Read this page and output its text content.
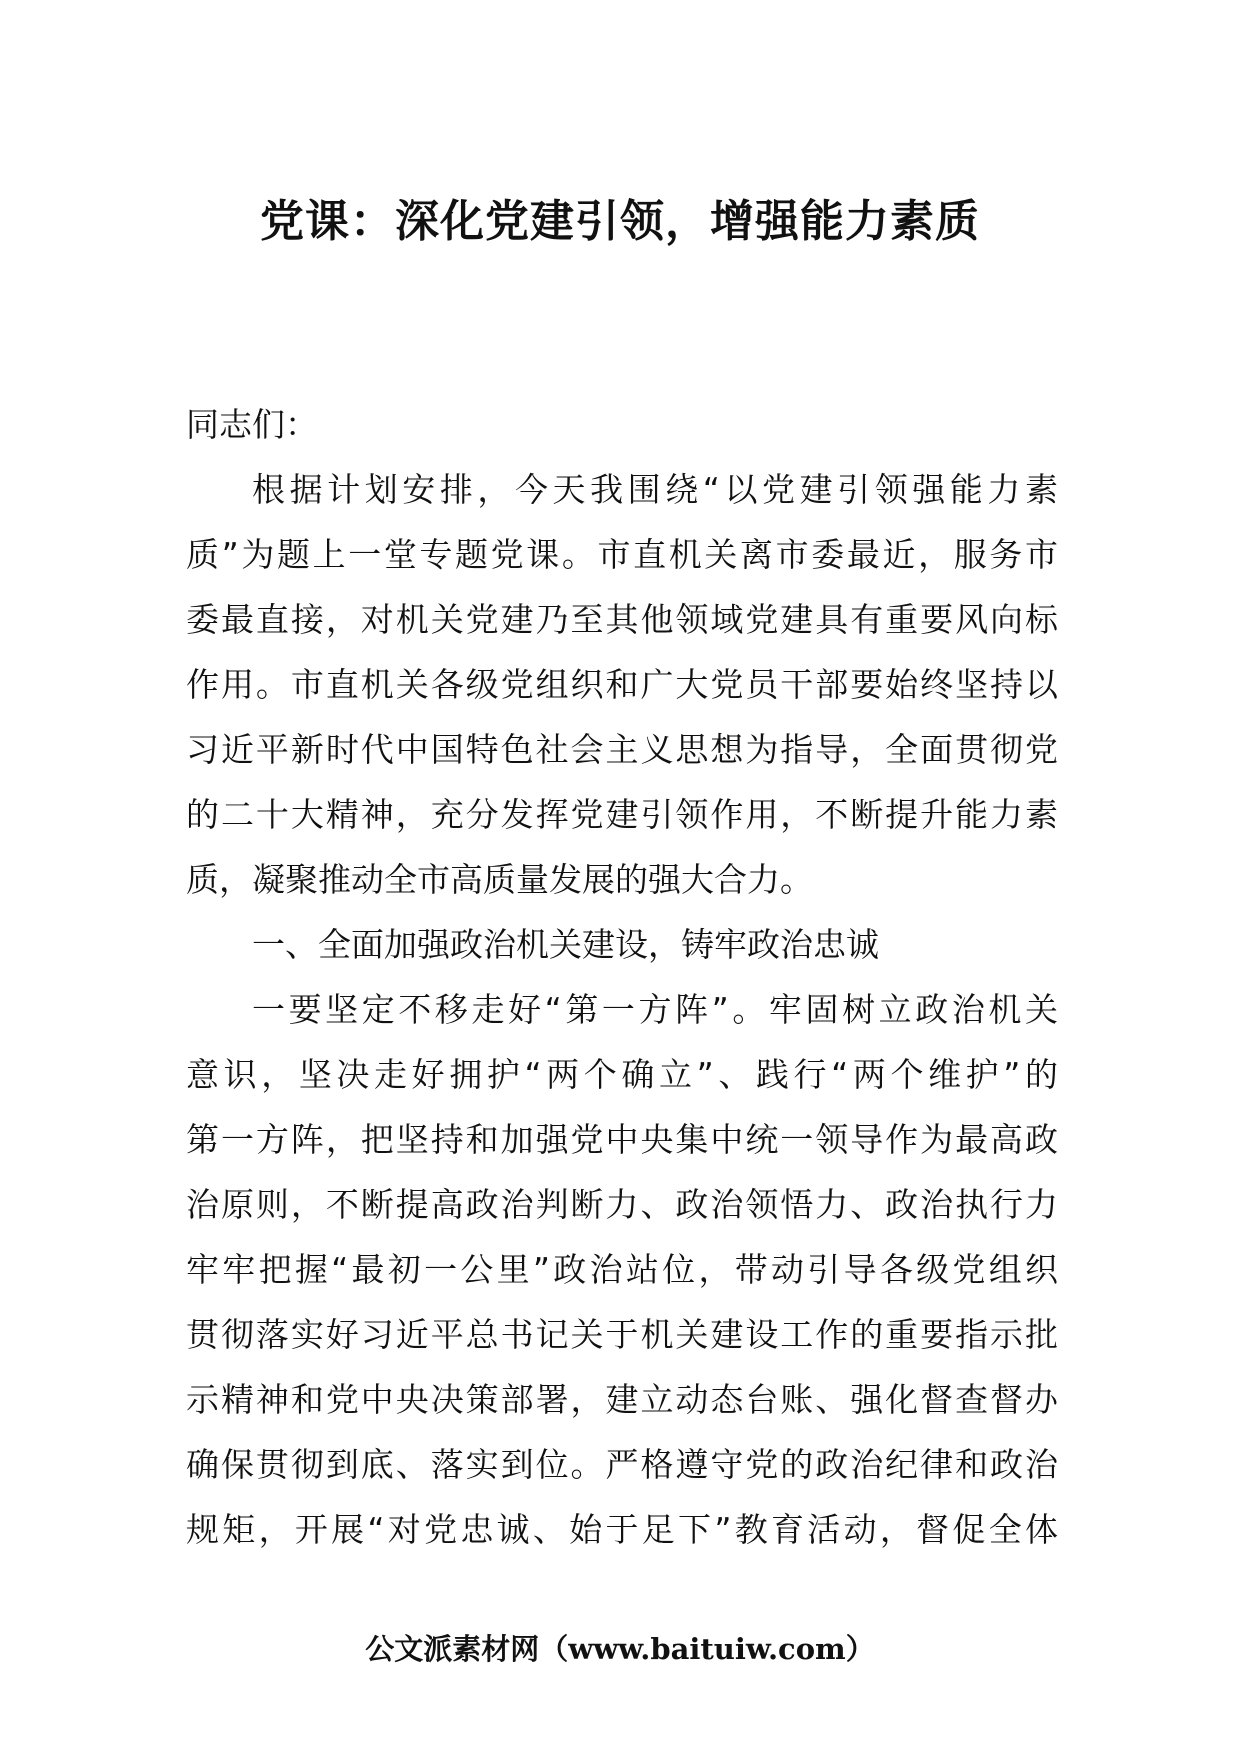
党课：深化党建引领，增强能力素质
同志们：
根据计划安排，今天我围绕“以党建引领强能力素
质”为题上一堂专题党课。市直机关离市委最近，服务市
委最直接，对机关党建乃至其他领域党建具有重要风向标
作用。市直机关各级党组织和广大党员干部要始终坚持以
习近平新时代中国特色社会主义思想为指导，全面贯彻党
的二十大精神，充分发挥党建引领作用，不断提升能力素
质，凝聚推动全市高质量发展的强大合力。
一、全面加强政治机关建设，铸牢政治忠诚
一要坚定不移走好“第一方阵”。牢固树立政治机关
意识，坚决走好拥护“两个确立”、践行“两个维护”的
第一方阵，把坚持和加强党中央集中统一领导作为最高政
治原则，不断提高政治判断力、政治领悟力、政治执行力
牢牢把握“最初一公里”政治站位，带动引导各级党组织
贯彻落实好习近平总书记关于机关建设工作的重要指示批
示精神和党中央决策部署，建立动态台账、强化督查督办
确保贯彻到底、落实到位。严格遵守党的政治纪律和政治
规矩，开展“对党忠诚、始于足下”教育活动，督促全体
公文派素材网（www.baituiw.com）
